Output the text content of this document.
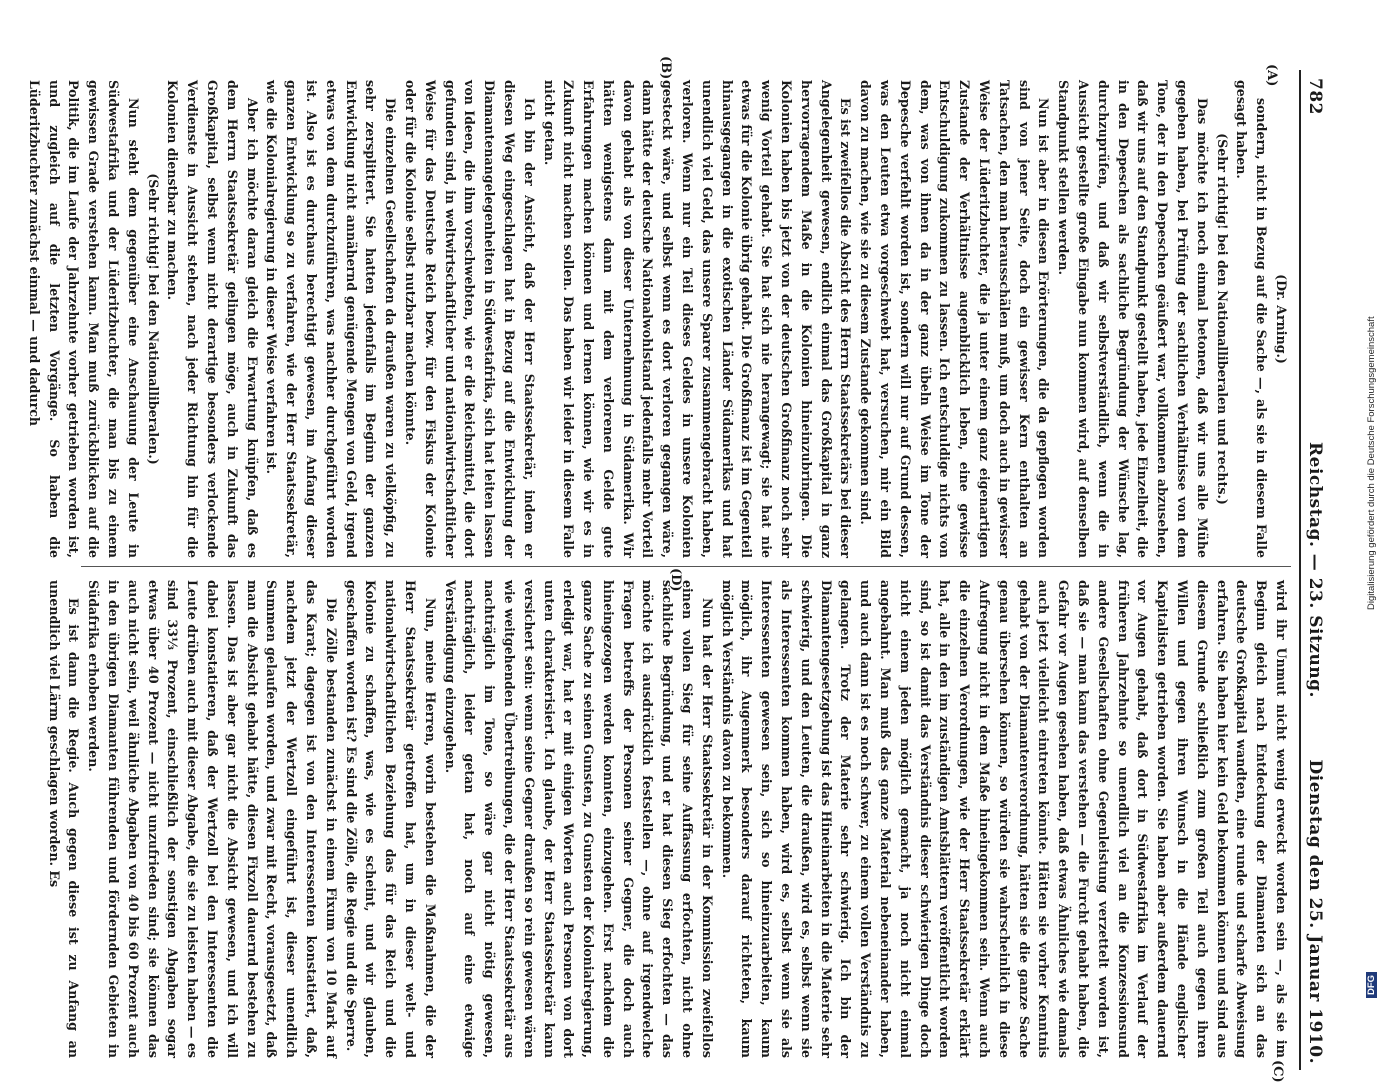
782
Reichstag. — 23. Sitzung.
Dienstag den 25. Januar 1910.
(A)
(B)
(C)
(D)

(Dr. Arning.)

sondern, nicht in Bezug auf die Sache —, als sie in diesem Falle gesagt haben.

(Sehr richtig! bei den Nationalliberalen und rechts.)

Das möchte ich noch einmal betonen, daß wir uns alle Mühe gegeben haben, bei Prüfung der sachlichen Verhältnisse von dem Tone, der in den Depeschen geäußert war, vollkommen abzusehen, daß wir uns auf den Standpunkt gestellt haben, jede Einzelheit, die in den Depeschen als sachliche Begründung der Wünsche lag, durchzuprüfen, und daß wir selbstverständlich, wenn die in Aussicht gestellte große Eingabe nun kommen wird, auf denselben Standpunkt stellen werden.

Nun ist aber in diesen Erörterungen, die da gepflogen worden sind von jener Seite, doch ein gewisser Kern enthalten an Tatsachen, den man herausschälen muß, um doch auch in gewisser Weise der Lüderitzbuchter, die ja unter einem ganz eigenartigen Zustande der Verhältnisse augenblicklich leben, eine gewisse Entschuldigung zukommen zu lassen. Ich entschuldige nichts von dem, was von ihnen da in der ganz übeln Weise im Tone der Depesche verfehlt worden ist, sondern will nur auf Grund dessen, was den Leuten etwa vorgeschwebt hat, versuchen, mir ein Bild davon zu machen, wie sie zu diesem Zustande gekommen sind.

Es ist zweifellos die Absicht des Herrn Staatssekretärs bei dieser Angelegenheit gewesen, endlich einmal das Großkapital in ganz hervorragendem Maße in die Kolonien hineinzubringen. Die Kolonien haben bis jetzt von der deutschen Großfinanz noch sehr wenig Vorteil gehabt. Sie hat sich nie herangewagt; sie hat nie etwas für die Kolonie übrig gehabt. Die Großfinanz ist im Gegenteil hinausgegangen in die exotischen Länder Südamerikas und hat unendlich viel Geld, das unsere Sparer zusammengebracht haben, verloren. Wenn nur ein Teil dieses Geldes in unsere Kolonien gesteckt wäre, und selbst wenn es dort verloren gegangen wäre, dann hätte der deutsche Nationalwohlstand jedenfalls mehr Vorteil davon gehabt als von dieser Unternehmung in Südamerika. Wir hätten wenigstens dann mit dem verlorenen Gelde gute Erfahrungen machen können und lernen können, wie wir es in Zukunft nicht machen sollen. Das haben wir leider in diesem Falle nicht getan.

Ich bin der Ansicht, daß der Herr Staatssekretär, indem er diesen Weg eingeschlagen hat in Bezug auf die Entwicklung der Diamantenangelegenheiten in Südwestafrika, sich hat leiten lassen von Ideen, die ihm vorschwebten, wie er die Reichsmittel, die dort gefunden sind, in weltwirtschaftlicher und nationalwirtschaftlicher Weise für das Deutsche Reich bezw. für den Fiskus der Kolonie oder für die Kolonie selbst nutzbar machen könnte.

Die einzelnen Gesellschaften da draußen waren zu vielköpfig, zu sehr zersplittert. Sie hatten jedenfalls im Beginn der ganzen Entwicklung nicht annähernd genügende Mengen von Geld, irgend etwas von dem durchzuführen, was nachher durchgeführt worden ist. Also ist es durchaus berechtigt gewesen, im Anfang dieser ganzen Entwicklung so zu verfahren, wie der Herr Staatssekretär, wie die Kolonialregierung in dieser Weise verfahren ist.

Aber ich möchte daran gleich die Erwartung knüpfen, daß es dem Herrn Staatssekretär gelingen möge, auch in Zukunft das Großkapital, selbst wenn nicht derartige besonders verlockende Verdienste in Aussicht stehen, nach jeder Richtung hin für die Kolonien dienstbar zu machen.

(Sehr richtig! bei den Nationalliberalen.)

Nun steht dem gegenüber eine Anschauung der Leute in Südwestafrika und der Lüderitzbuchter, die man bis zu einem gewissen Grade verstehen kann. Man muß zurückblicken auf die Politik, die im Laufe der Jahrzehnte vorher getrieben worden ist, und zugleich auf die letzten Vorgänge. So haben die Lüderitzbuchter zunächst einmal — und dadurch

wird ihr Unmut nicht wenig erweckt worden sein —, als sie im Beginn gleich nach Entdeckung der Diamanten sich an das deutsche Großkapital wandten, eine runde und scharfe Abweisung erfahren. Sie haben hier kein Geld bekommen können und sind aus diesem Grunde schließlich zum großen Teil auch gegen ihren Willen und gegen ihren Wunsch in die Hände englischer Kapitalisten getrieben worden. Sie haben aber außerdem dauernd vor Augen gehabt, daß dort in Südwestafrika im Verlauf der früheren Jahrzehnte so unendlich viel an die Konzessionsund andere Gesellschaften ohne Gegenleistung verzettelt worden ist, daß sie — man kann das verstehen — die Furcht gehabt haben, die Gefahr vor Augen gesehen haben, daß etwas Ähnliches wie damals auch jetzt vielleicht eintreten könnte. Hätten sie vorher Kenntnis gehabt von der Diamantenverordnung, hätten sie die ganze Sache genau übersehen können, so würden sie wahrscheinlich in diese Aufregung nicht in dem Maße hineingekommen sein. Wenn auch die einzelnen Verordnungen, wie der Herr Staatssekretär erklärt hat, alle in den im zuständigen Amtsblättern veröffentlicht worden sind, so ist damit das Verständnis dieser schwierigen Dinge doch nicht einem jeden möglich gemacht, ja noch nicht einmal angebahnt. Man muß das ganze Material nebeneinander haben, und auch dann ist es noch schwer, zu einem vollen Verständnis zu gelangen. Trotz der Materie sehr schwierig. Ich bin der Diamantengesetzgebung ist das Hineinarbeiten in die Materie sehr schwierig, und den Leuten, die draußen, wird es, selbst wenn sie als Interessenten kommen haben, wird es, selbst wenn sie als Interessenten gewesen sein, sich so hineinzuarbeiten, kaum möglich, ihr Augenmerk besonders darauf richteten, kaum möglich Verständnis davon zu bekommen.

Nun hat der Herr Staatssekretär in der Kommission zweifellos einen vollen Sieg für seine Auffassung erfochten, nicht ohne sachliche Begründung, und er hat diesen Sieg erfochten — das möchte ich ausdrücklich feststellen —, ohne auf irgendwelche Fragen betreffs der Personen seiner Gegner, die doch auch hineingezogen werden konnten, einzugehen. Erst nachdem die ganze Sache zu seinen Gunsten, zu Gunsten der Kolonialregierung, erledigt war, hat er mit einigen Worten auch Personen von dort unten charakterisiert. Ich glaube, der Herr Staatssekretär kann versichert sein: wenn seine Gegner draußen so rein gewesen wären wie weitgehenden Übertreibungen, die der Herr Staatssekretär aus nachträglich im Tone, so wäre gar nicht nötig gewesen, nachträglich, leider getan hat, noch auf eine etwaige Verständigung einzugehen.

Nun, meine Herren, worin bestehen die Maßnahmen, die der Herr Staatssekretär getroffen hat, um in dieser welt- und nationalwirtschaftlichen Beziehung das für das Reich und die Kolonie zu schaffen, was, wie es scheint, und wir glauben, geschaffen worden ist? Es sind die Zölle, die Regie und die Sperre.

Die Zölle bestanden zunächst in einem Fixum von 10 Mark auf das Karat; dagegen ist von den Interessenten konstatiert, daß, nachdem jetzt der Wertzoll eingeführt ist, dieser unendlich Summen gelaufen worden, und zwar mit Recht, vorausgesetzt, daß man die Absicht gehabt hätte, diesen Fixzoll dauernd bestehen zu lassen. Das ist aber gar nicht die Absicht gewesen, und ich will dabei konstatieren, daß der Wertzoll bei den Interessenten die Leute drüben auch mit dieser Abgabe, die sie zu leisten haben — es sind 33⅓ Prozent, einschließlich der sonstigen Abgaben sogar etwas über 40 Prozent — nicht unzufrieden sind; sie können das auch nicht sein, weil ähnliche Abgaben von 40 bis 60 Prozent auch in den übrigen Diamanten führenden und fördernden Gebieten in Südafrika erhoben werden.

Es ist dann die Regie. Auch gegen diese ist zu Anfang an unendlich viel Lärm geschlagen worden. Es

Digitalisierung gefördert durch die Deutsche Forschungsgemeinschaft
DFG
